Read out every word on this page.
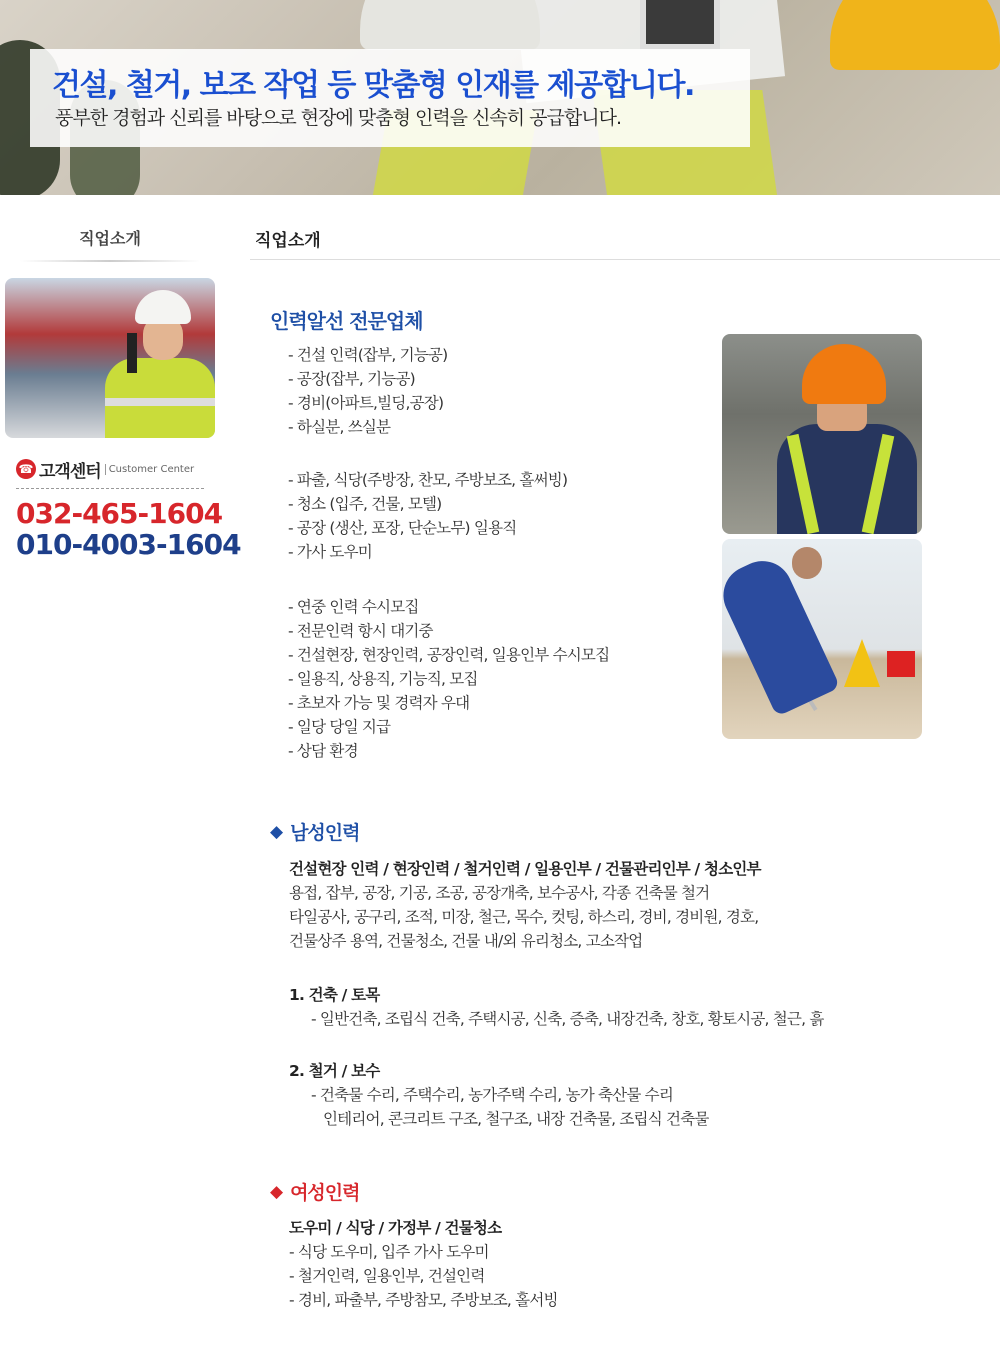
건설, 철거, 보조 작업 등 맞춤형 인재를 제공합니다.
풍부한 경험과 신뢰를 바탕으로 현장에 맞춤형 인력을 신속히 공급합니다.
직업소개
☎ 고객센터 Customer Center
032-465-1604
010-4003-1604
직업소개
인력알선 전문업체
- 건설 인력(잡부, 기능공)
- 공장(잡부, 기능공)
- 경비(아파트,빌딩,공장)
- 하실분, 쓰실분
- 파출, 식당(주방장, 찬모, 주방보조, 홀써빙)
- 청소 (입주, 건물, 모텔)
- 공장 (생산, 포장, 단순노무) 일용직
- 가사 도우미
- 연중 인력 수시모집
- 전문인력 항시 대기중
- 건설현장, 현장인력, 공장인력, 일용인부 수시모집
- 일용직, 상용직, 기능직, 모집
- 초보자 가능 및 경력자 우대
- 일당 당일 지급
- 상담 환경
◆ 남성인력
건설현장 인력 / 현장인력 / 철거인력 / 일용인부 / 건물관리인부 / 청소인부
용접, 잡부, 공장, 기공, 조공, 공장개축, 보수공사, 각종 건축물 철거
타일공사, 공구리, 조적, 미장, 철근, 목수, 컷팅, 하스리, 경비, 경비원, 경호,
건물상주 용역, 건물청소, 건물 내/외 유리청소, 고소작업
1. 건축 / 토목
- 일반건축, 조립식 건축, 주택시공, 신축, 증축, 내장건축, 창호, 황토시공, 철근, 흙
2. 철거 / 보수
- 건축물 수리, 주택수리, 농가주택 수리, 농가 축산물 수리
인테리어, 콘크리트 구조, 철구조, 내장 건축물, 조립식 건축물
◆ 여성인력
도우미 / 식당 / 가정부 / 건물청소
- 식당 도우미, 입주 가사 도우미
- 철거인력, 일용인부, 건설인력
- 경비, 파출부, 주방참모, 주방보조, 홀서빙
